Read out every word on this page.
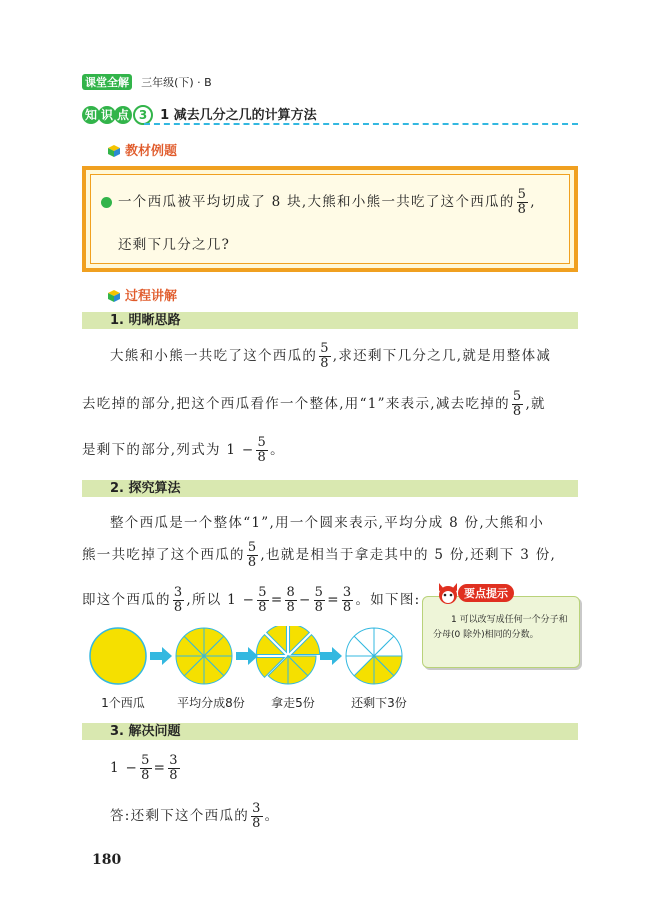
课堂全解 三年级(下) · B
知 识 点 3 1 减去几分之几的计算方法
教材例题
一个西瓜被平均切成了 8 块,大熊和小熊一共吃了这个西瓜的 $\frac{5}{8}$ ,
还剩下几分之几?
过程讲解
1. 明晰思路
大熊和小熊一共吃了这个西瓜的 $\frac{5}{8}$ ,求还剩下几分之几,就是用整体减
去吃掉的部分,把这个西瓜看作一个整体,用“1”来表示,减去吃掉的 $\frac{5}{8}$ ,就
是剩下的部分,列式为 $1 - \frac{5}{8}$ 。
2. 探究算法
整个西瓜是一个整体“1”,用一个圆来表示,平均分成 8 份,大熊和小
熊一共吃掉了这个西瓜的 $\frac{5}{8}$ ,也就是相当于拿走其中的 5 份,还剩下 3 份,
即这个西瓜的 $\frac{3}{8}$ ,所以 $1 - \frac{5}{8} = \frac{8}{8} - \frac{5}{8} = \frac{3}{8}$ 。如下图:
1 可以改写成任何一个分子和分母(0 除外)相同的分数。
要点提示
1个西瓜	平均分成8份	拿走5份	还剩下3份
3. 解决问题
$1 - \frac{5}{8} = \frac{3}{8}$
答:还剩下这个西瓜的 $\frac{3}{8}$ 。
180
